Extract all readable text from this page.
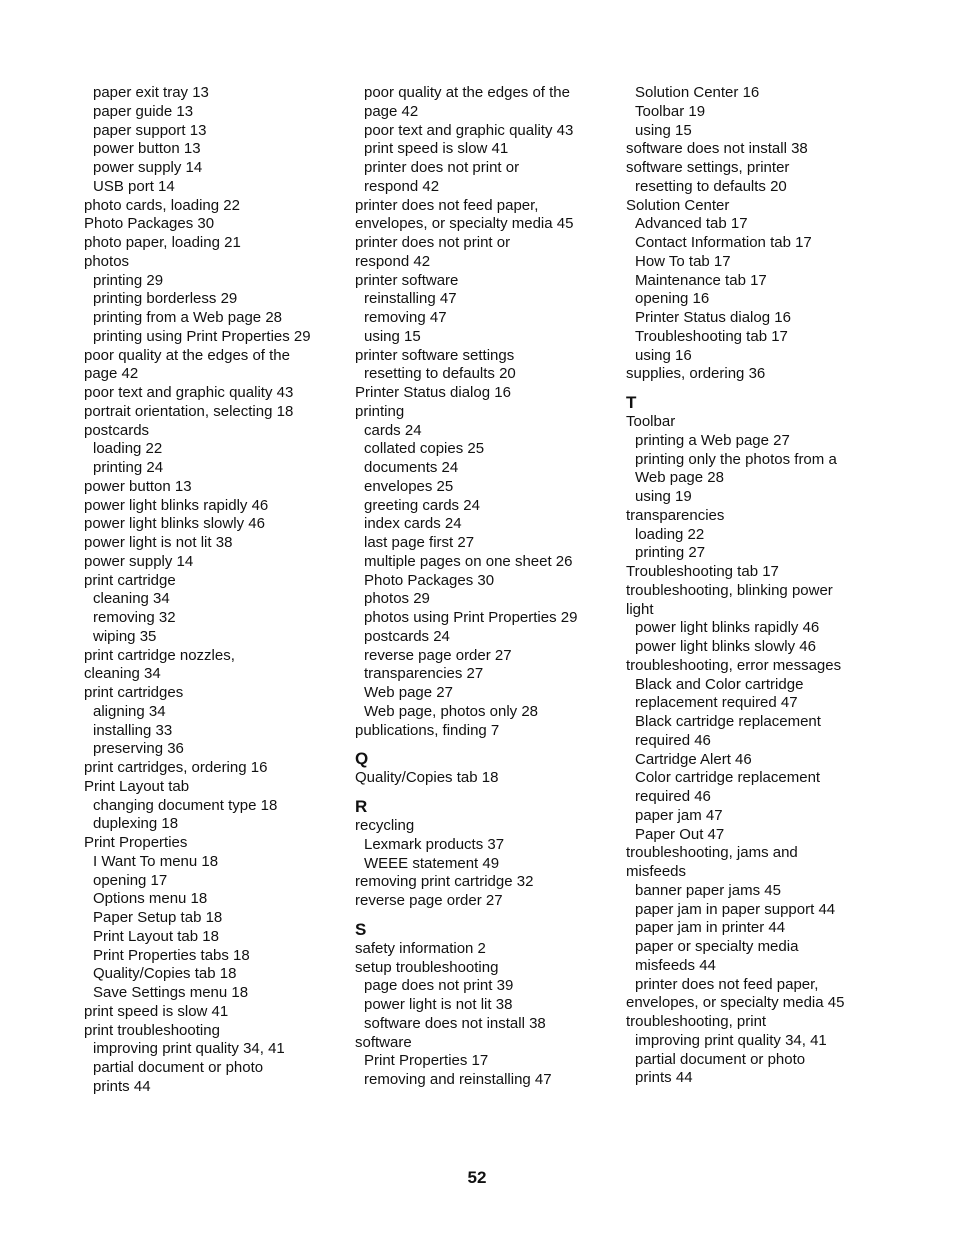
paper exit tray 13
paper guide 13
paper support 13
power button 13
power supply 14
USB port 14
photo cards, loading 22
Photo Packages 30
photo paper, loading 21
photos
printing 29
printing borderless 29
printing from a Web page 28
printing using Print Properties 29
poor quality at the edges of the
page 42
poor text and graphic quality 43
portrait orientation, selecting 18
postcards
loading 22
printing 24
power button 13
power light blinks rapidly 46
power light blinks slowly 46
power light is not lit 38
power supply 14
print cartridge
cleaning 34
removing 32
wiping 35
print cartridge nozzles,
cleaning 34
print cartridges
aligning 34
installing 33
preserving 36
print cartridges, ordering 16
Print Layout tab
changing document type 18
duplexing 18
Print Properties
I Want To menu 18
opening 17
Options menu 18
Paper Setup tab 18
Print Layout tab 18
Print Properties tabs 18
Quality/Copies tab 18
Save Settings menu 18
print speed is slow 41
print troubleshooting
improving print quality 34, 41
partial document or photo
prints 44
poor quality at the edges of the
page 42
poor text and graphic quality 43
print speed is slow 41
printer does not print or
respond 42
printer does not feed paper,
envelopes, or specialty media 45
printer does not print or
respond 42
printer software
reinstalling 47
removing 47
using 15
printer software settings
resetting to defaults 20
Printer Status dialog 16
printing
cards 24
collated copies 25
documents 24
envelopes 25
greeting cards 24
index cards 24
last page first 27
multiple pages on one sheet 26
Photo Packages 30
photos 29
photos using Print Properties 29
postcards 24
reverse page order 27
transparencies 27
Web page 27
Web page, photos only 28
publications, finding 7
Q
Quality/Copies tab 18
R
recycling
Lexmark products 37
WEEE statement 49
removing print cartridge 32
reverse page order 27
S
safety information 2
setup troubleshooting
page does not print 39
power light is not lit 38
software does not install 38
software
Print Properties 17
removing and reinstalling 47
Solution Center 16
Toolbar 19
using 15
software does not install 38
software settings, printer
resetting to defaults 20
Solution Center
Advanced tab 17
Contact Information tab 17
How To tab 17
Maintenance tab 17
opening 16
Printer Status dialog 16
Troubleshooting tab 17
using 16
supplies, ordering 36
T
Toolbar
printing a Web page 27
printing only the photos from a
Web page 28
using 19
transparencies
loading 22
printing 27
Troubleshooting tab 17
troubleshooting, blinking power
light
power light blinks rapidly 46
power light blinks slowly 46
troubleshooting, error messages
Black and Color cartridge
replacement required 47
Black cartridge replacement
required 46
Cartridge Alert 46
Color cartridge replacement
required 46
paper jam 47
Paper Out 47
troubleshooting, jams and
misfeeds
banner paper jams 45
paper jam in paper support 44
paper jam in printer 44
paper or specialty media
misfeeds 44
printer does not feed paper,
envelopes, or specialty media 45
troubleshooting, print
improving print quality 34, 41
partial document or photo
prints 44
52
